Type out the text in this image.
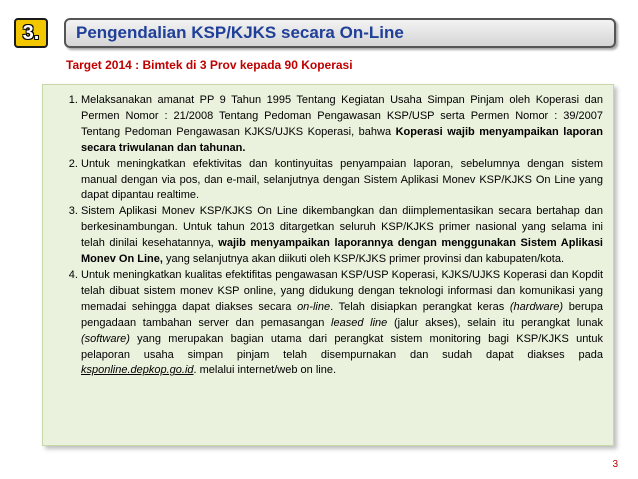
3.	Pengendalian KSP/KJKS secara On-Line
Target 2014 : Bimtek di 3 Prov kepada 90 Koperasi
1. Melaksanakan amanat PP 9 Tahun 1995 Tentang Kegiatan Usaha Simpan Pinjam oleh Koperasi dan Permen Nomor : 21/2008 Tentang Pedoman Pengawasan KSP/USP serta Permen Nomor : 39/2007 Tentang Pedoman Pengawasan KJKS/UJKS Koperasi, bahwa Koperasi wajib menyampaikan laporan secara triwulanan dan tahunan.
2. Untuk meningkatkan efektivitas dan kontinyuitas penyampaian laporan, sebelumnya dengan sistem manual dengan via pos, dan e-mail, selanjutnya dengan Sistem Aplikasi Monev KSP/KJKS On Line yang dapat dipantau realtime.
3. Sistem Aplikasi Monev KSP/KJKS On Line dikembangkan dan diimplementasikan secara bertahap dan berkesinambungan. Untuk tahun 2013 ditargetkan seluruh KSP/KJKS primer nasional yang selama ini telah dinilai kesehatannya, wajib menyampaikan laporannya dengan menggunakan Sistem Aplikasi Monev On Line, yang selanjutnya akan diikuti oleh KSP/KJKS primer provinsi dan kabupaten/kota.
4. Untuk meningkatkan kualitas efektifitas pengawasan KSP/USP Koperasi, KJKS/UJKS Koperasi dan Kopdit telah dibuat sistem monev KSP online, yang didukung dengan teknologi informasi dan komunikasi yang memadai sehingga dapat diakses secara on-line. Telah disiapkan perangkat keras (hardware) berupa pengadaan tambahan server dan pemasangan leased line (jalur akses), selain itu perangkat lunak (software) yang merupakan bagian utama dari perangkat sistem monitoring bagi KSP/KJKS untuk pelaporan usaha simpan pinjam telah disempurnakan dan sudah dapat diakses pada ksponline.depkop.go.id. melalui internet/web on line.
3
